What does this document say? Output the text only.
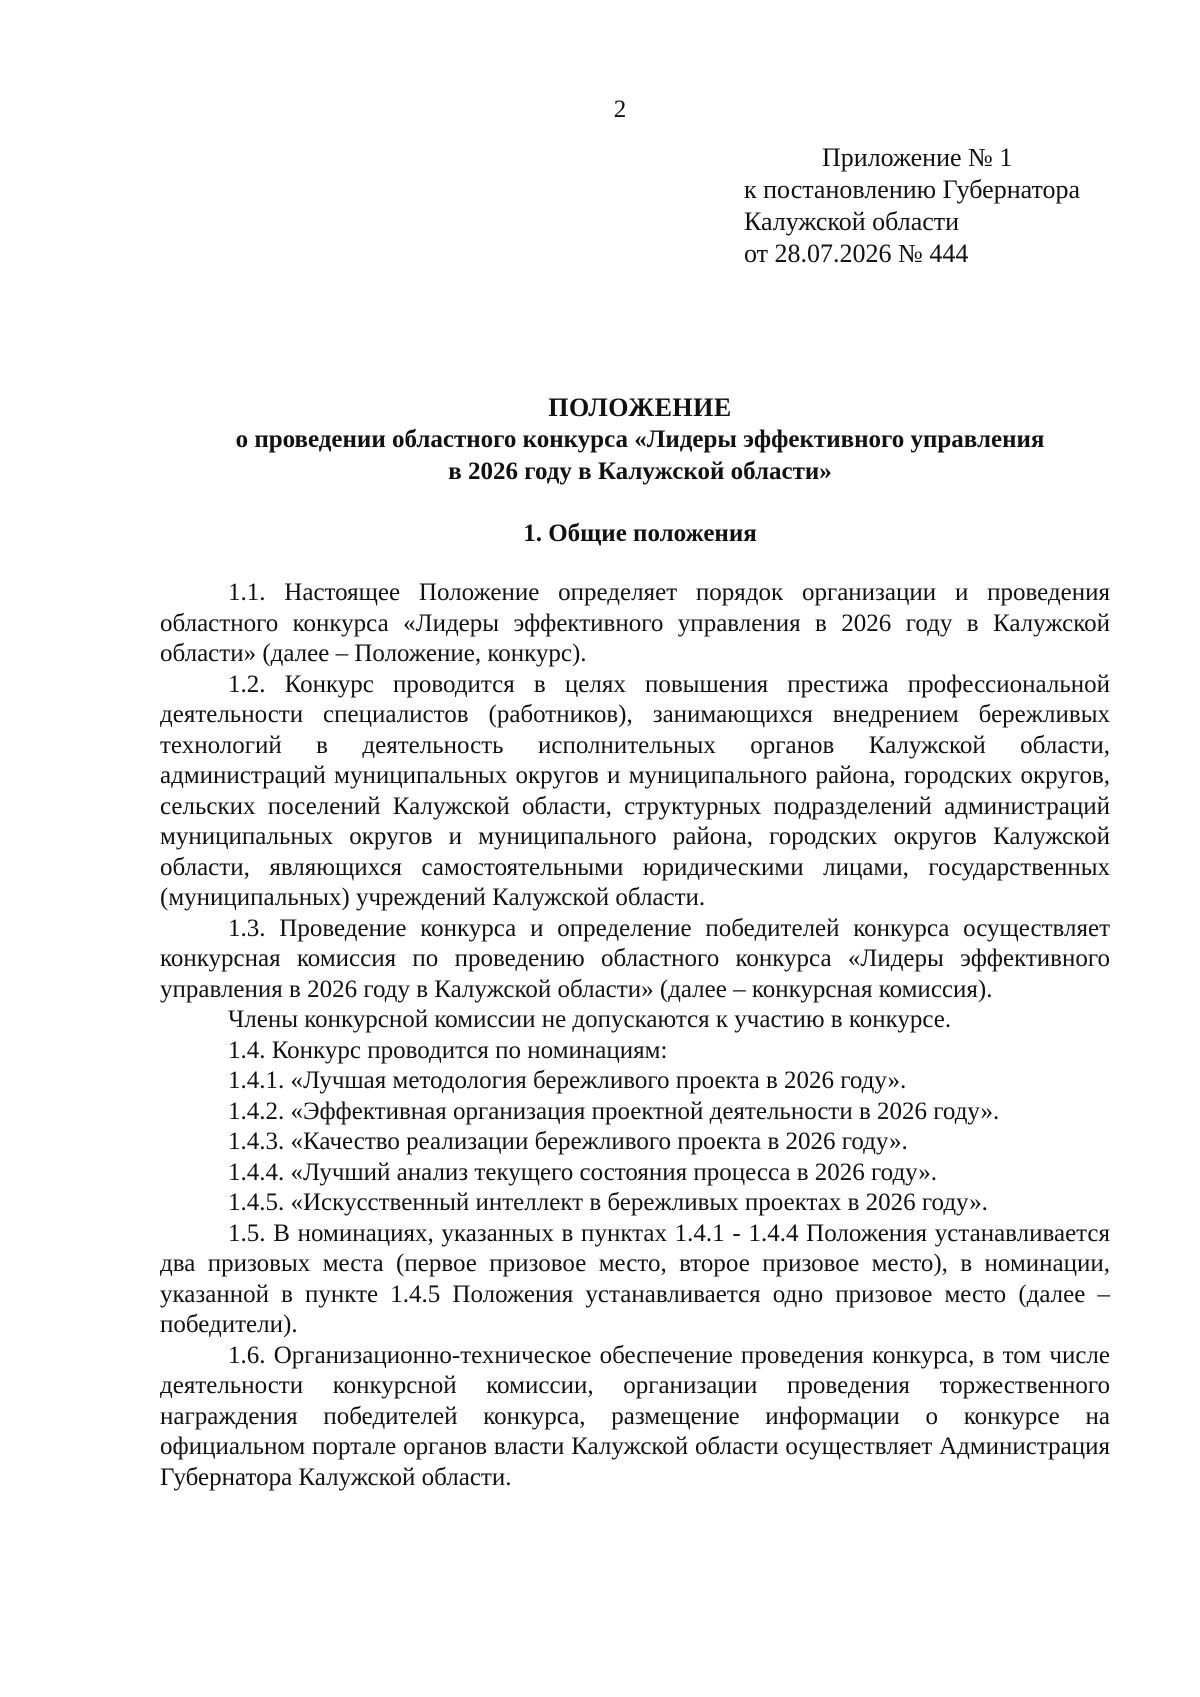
2
Приложение № 1
к постановлению Губернатора
Калужской области
от 28.07.2026 № 444
ПОЛОЖЕНИЕ
о проведении областного конкурса «Лидеры эффективного управления
в 2026 году в Калужской области»
1. Общие положения

1.1. Настоящее Положение определяет порядок организации и проведения областного конкурса «Лидеры эффективного управления в 2026 году в Калужской области» (далее – Положение, конкурс).

1.2. Конкурс проводится в целях повышения престижа профессиональной деятельности специалистов (работников), занимающихся внедрением бережливых технологий в деятельность исполнительных органов Калужской области, администраций муниципальных округов и муниципального района, городских округов, сельских поселений Калужской области, структурных подразделений администраций муниципальных округов и муниципального района, городских округов Калужской области, являющихся самостоятельными юридическими лицами, государственных (муниципальных) учреждений Калужской области.

1.3. Проведение конкурса и определение победителей конкурса осуществляет конкурсная комиссия по проведению областного конкурса «Лидеры эффективного управления в 2026 году в Калужской области» (далее – конкурсная комиссия).

Члены конкурсной комиссии не допускаются к участию в конкурсе.

1.4. Конкурс проводится по номинациям:

1.4.1. «Лучшая методология бережливого проекта в 2026 году».

1.4.2. «Эффективная организация проектной деятельности в 2026 году».

1.4.3. «Качество реализации бережливого проекта в 2026 году».

1.4.4. «Лучший анализ текущего состояния процесса в 2026 году».

1.4.5. «Искусственный интеллект в бережливых проектах в 2026 году».

1.5. В номинациях, указанных в пунктах 1.4.1 - 1.4.4 Положения устанавливается два призовых места (первое призовое место, второе призовое место), в номинации, указанной в пункте 1.4.5 Положения устанавливается одно призовое место (далее – победители).

1.6. Организационно-техническое обеспечение проведения конкурса, в том числе деятельности конкурсной комиссии, организации проведения торжественного награждения победителей конкурса, размещение информации о конкурсе на официальном портале органов власти Калужской области осуществляет Администрация Губернатора Калужской области.
